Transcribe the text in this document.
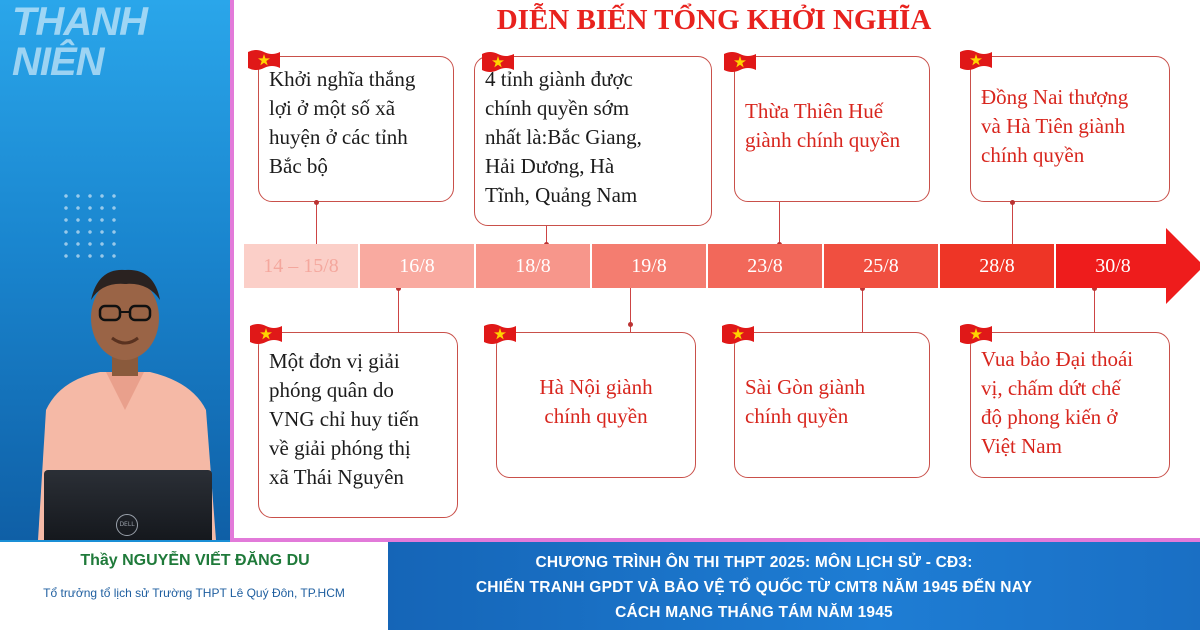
THANH NIÊN
DELL
DIỄN BIẾN TỔNG KHỞI NGHĨA
Khởi nghĩa thắng
lợi ở một số xã
huyện ở các tỉnh
Bắc bộ
4 tỉnh giành được
chính quyền sớm
nhất là:Bắc Giang,
Hải Dương, Hà
Tĩnh, Quảng Nam
Thừa Thiên Huế
giành chính quyền
Đồng Nai thượng
và Hà Tiên giành
chính quyền
Một đơn vị giải
phóng quân do
VNG chỉ huy tiến
về giải phóng thị
xã Thái Nguyên
Hà Nội giành
chính quyền
Sài Gòn giành
chính quyền
Vua bảo Đại thoái
vị, chấm dứt chế
độ phong kiến ở
Việt Nam
14 – 15/8	16/8	18/8	19/8	23/8	25/8	28/8	30/8
Thầy NGUYỄN VIẾT ĐĂNG DU
Tổ trưởng tổ lịch sử Trường THPT Lê Quý Đôn, TP.HCM
CHƯƠNG TRÌNH ÔN THI THPT 2025: MÔN LỊCH SỬ - CĐ3:
CHIẾN TRANH GPDT VÀ BẢO VỆ TỔ QUỐC TỪ CMT8 NĂM 1945 ĐẾN NAY
CÁCH MẠNG THÁNG TÁM NĂM 1945
